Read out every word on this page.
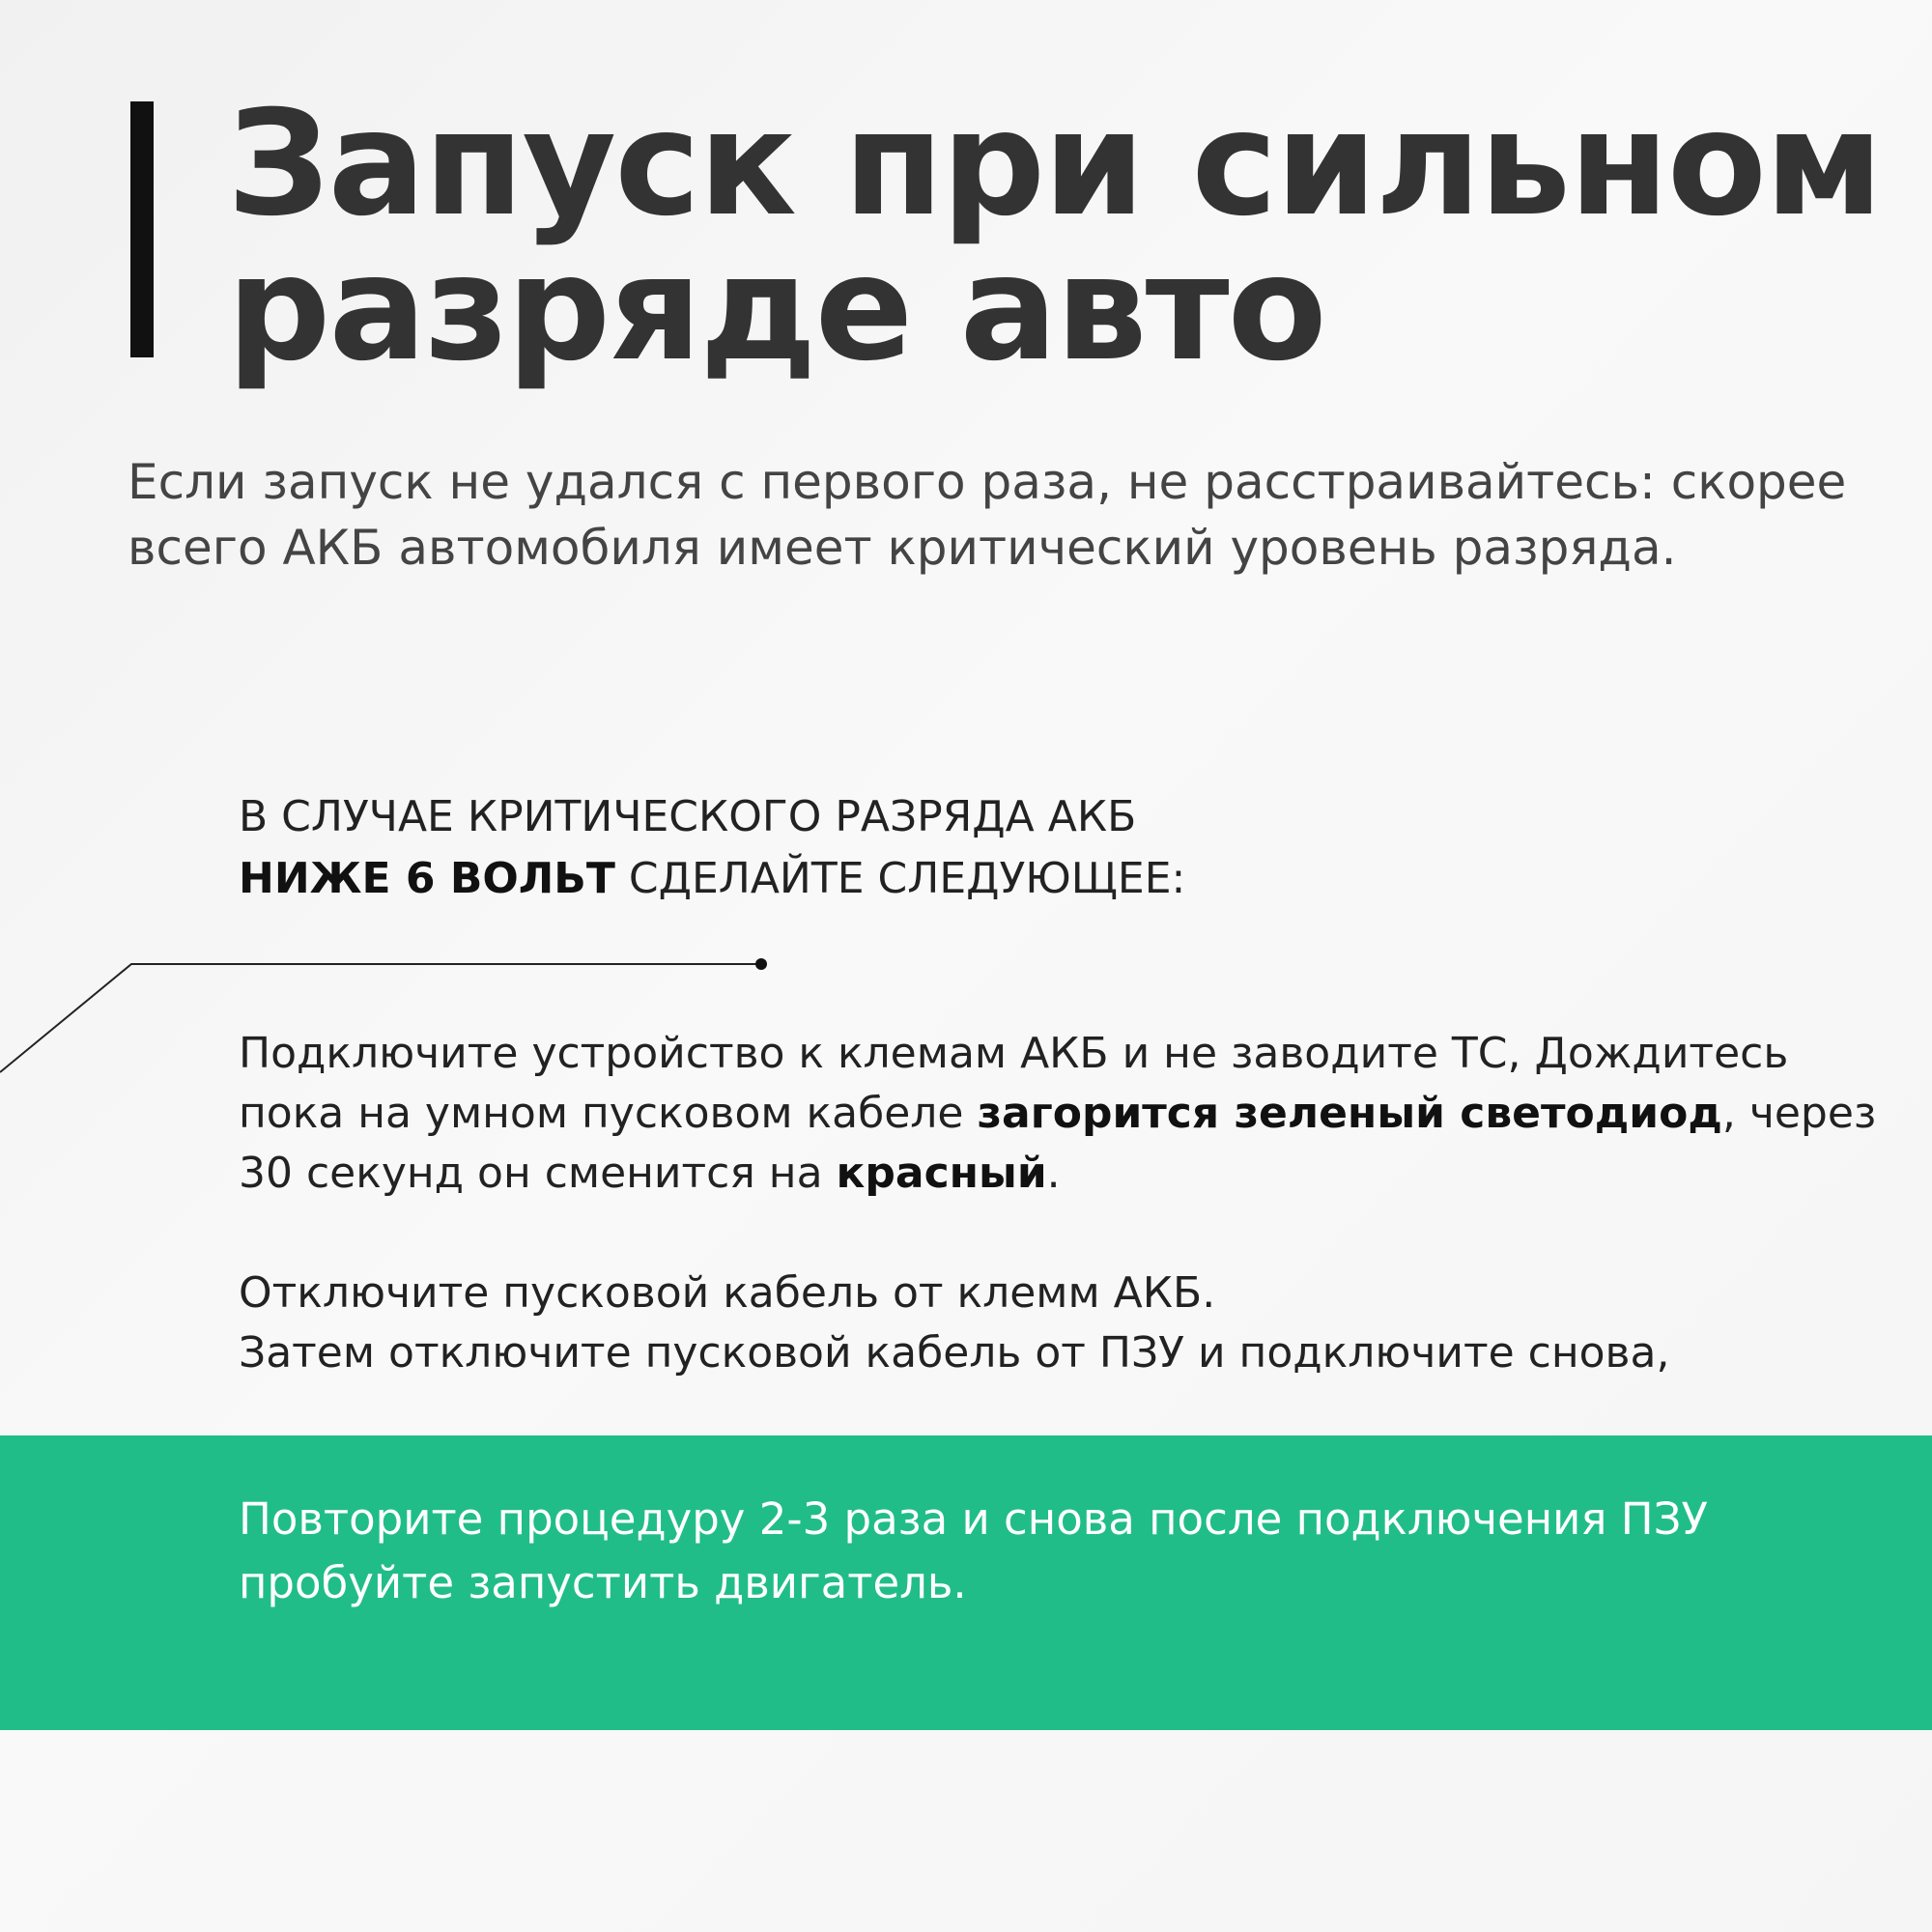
Запуск при сильном
разряде авто

Если запуск не удался с первого раза, не расстраивайтесь: скорее всего АКБ автомобиля имеет критический уровень разряда.

В СЛУЧАЕ КРИТИЧЕСКОГО РАЗРЯДА АКБ
НИЖЕ 6 ВОЛЬТ СДЕЛАЙТЕ СЛЕДУЮЩЕЕ:

Подключите устройство к клемам АКБ и не заводите ТС, Дождитесь пока на умном пусковом кабеле загорится зеленый светодиод, через 30 секунд он сменится на красный.

Отключите пусковой кабель от клемм АКБ.
Затем отключите пусковой кабель от ПЗУ и подключите снова,

Повторите процедуру 2-3 раза и снова после подключения ПЗУ пробуйте запустить двигатель.
